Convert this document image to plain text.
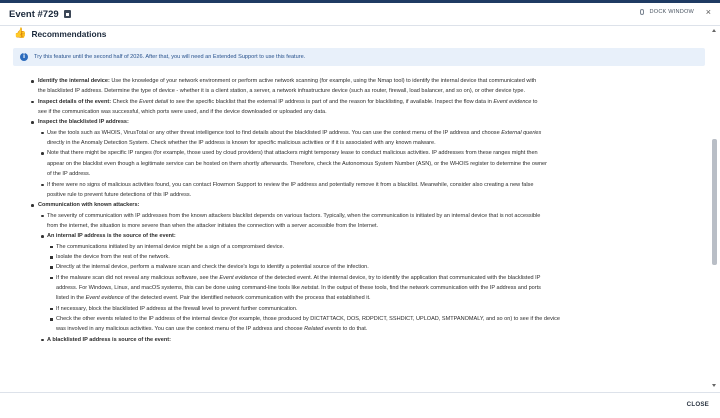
Event #729	DOCK WINDOW ×
👍 Recommendations
i	Try this feature until the second half of 2026. After that, you will need an Extended Support to use this feature.
Identify the internal device: Use the knowledge of your network environment or perform active network scanning (for example, using the Nmap tool) to identify the internal device that communicated with
the blacklisted IP address. Determine the type of device - whether it is a client station, a server, a network infrastructure device (such as router, firewall, load balancer, and so on), or other device type.
Inspect details of the event: Check the Event detail to see the specific blacklist that the external IP address is part of and the reason for blacklisting, if available. Inspect the flow data in Event evidence to
see if the communication was successful, which ports were used, and if the device downloaded or uploaded any data.
Inspect the blacklisted IP address:
Use the tools such as WHOIS, VirusTotal or any other threat intelligence tool to find details about the blacklisted IP address. You can use the context menu of the IP address and choose External queries
directly in the Anomaly Detection System. Check whether the IP address is known for specific malicious activities or if it is associated with any known malware.
Note that there might be specific IP ranges (for example, those used by cloud providers) that attackers might temporary lease to conduct malicious activities. IP addresses from these ranges might then
appear on the blacklist even though a legitimate service can be hosted on them shortly afterwards. Therefore, check the Autonomous System Number (ASN), or the WHOIS register to determine the owner
of the IP address.
If there were no signs of malicious activities found, you can contact Flowmon Support to review the IP address and potentially remove it from a blacklist. Meanwhile, consider also creating a new false
positive rule to prevent future detections of this IP address.
Communication with known attackers:
The severity of communication with IP addresses from the known attackers blacklist depends on various factors. Typically, when the communication is initiated by an internal device that is not accessible
from the internet, the situation is more severe than when the attacker initiates the connection with a server accessible from the Internet.
An internal IP address is the source of the event:
The communications initiated by an internal device might be a sign of a compromised device.
Isolate the device from the rest of the network.
Directly at the internal device, perform a malware scan and check the device's logs to identify a potential source of the infection.
If the malware scan did not reveal any malicious software, see the Event evidence of the detected event. At the internal device, try to identify the application that communicated with the blacklisted IP
address. For Windows, Linux, and macOS systems, this can be done using command-line tools like netstat. In the output of these tools, find the network communication with the IP address and ports
listed in the Event evidence of the detected event. Pair the identified network communication with the process that established it.
If necessary, block the blacklisted IP address at the firewall level to prevent further communication.
Check the other events related to the IP address of the internal device (for example, those produced by DICTATTACK, DOS, RDPDICT, SSHDICT, UPLOAD, SMTPANOMALY, and so on) to see if the device
was involved in any malicious activities. You can use the context menu of the IP address and choose Related events to do that.
A blacklisted IP address is source of the event:
CLOSE
